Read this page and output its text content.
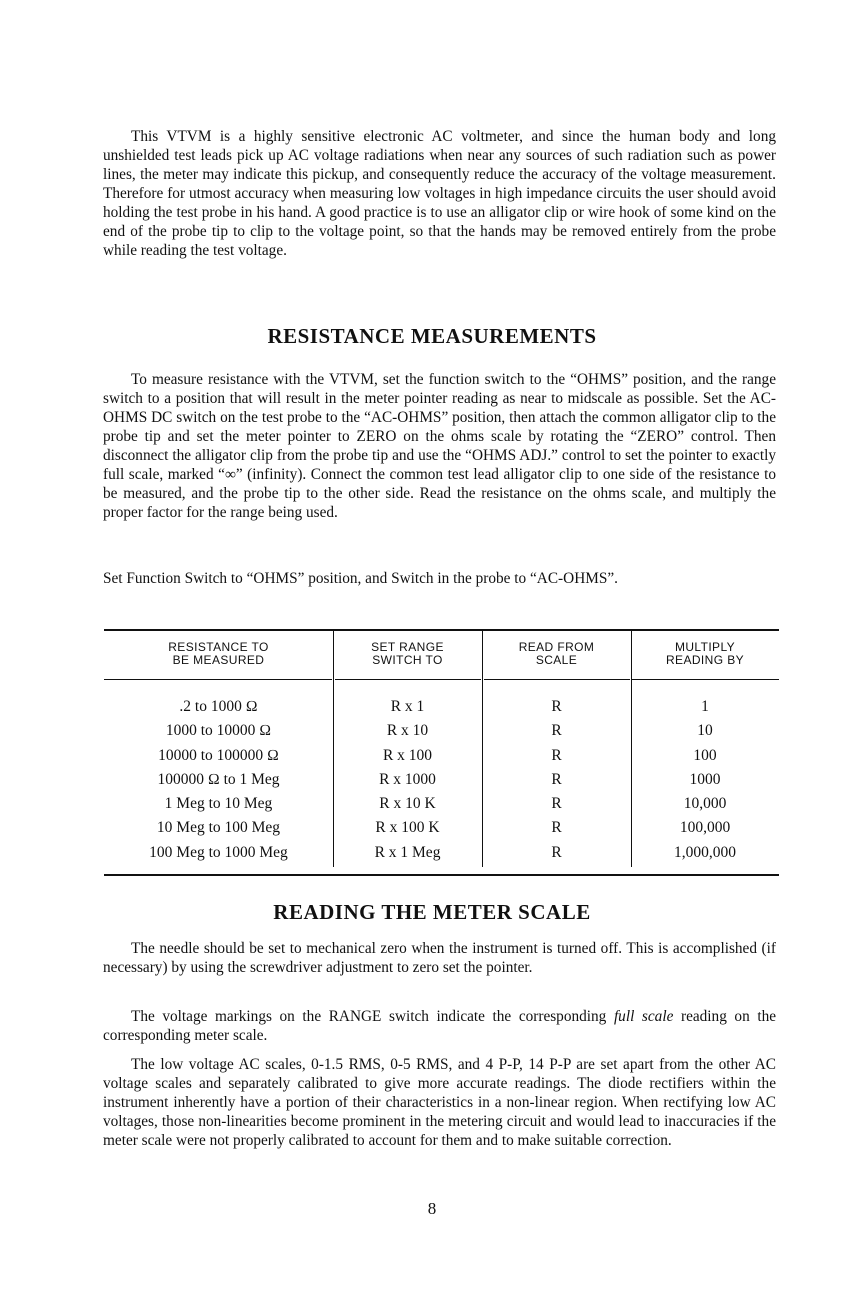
This VTVM is a highly sensitive electronic AC voltmeter, and since the human body and long unshielded test leads pick up AC voltage radiations when near any sources of such radiation such as power lines, the meter may indicate this pickup, and consequently reduce the accuracy of the voltage measurement. Therefore for utmost accuracy when measuring low voltages in high impedance circuits the user should avoid holding the test probe in his hand. A good practice is to use an alligator clip or wire hook of some kind on the end of the probe tip to clip to the voltage point, so that the hands may be removed entirely from the probe while reading the test voltage.

RESISTANCE MEASUREMENTS

To measure resistance with the VTVM, set the function switch to the “OHMS” position, and the range switch to a position that will result in the meter pointer reading as near to midscale as possible. Set the AC-OHMS DC switch on the test probe to the “AC-OHMS” position, then attach the common alligator clip to the probe tip and set the meter pointer to ZERO on the ohms scale by rotating the “ZERO” control. Then disconnect the alligator clip from the probe tip and use the “OHMS ADJ.” control to set the pointer to exactly full scale, marked “∞” (infinity). Connect the common test lead alligator clip to one side of the resistance to be measured, and the probe tip to the other side. Read the resistance on the ohms scale, and multiply the proper factor for the range being used.

Set Function Switch to “OHMS” position, and Switch in the probe to “AC-OHMS”.

RESISTANCE TO
BE MEASURED
SET RANGE
SWITCH TO
READ FROM
SCALE
MULTIPLY
READING BY
.2 to 1000 Ω
1000 to 10000 Ω
10000 to 100000 Ω
100000 Ω to 1 Meg
1 Meg to 10 Meg
10 Meg to 100 Meg
100 Meg to 1000 Meg
R x 1
R x 10
R x 100
R x 1000
R x 10 K
R x 100 K
R x 1 Meg
R
R
R
R
R
R
R
1
10
100
1000
10,000
100,000
1,000,000
READING THE METER SCALE

The needle should be set to mechanical zero when the instrument is turned off. This is accomplished (if necessary) by using the screwdriver adjustment to zero set the pointer.

The voltage markings on the RANGE switch indicate the corresponding full scale reading on the corresponding meter scale.

The low voltage AC scales, 0-1.5 RMS, 0-5 RMS, and 4 P-P, 14 P-P are set apart from the other AC voltage scales and separately calibrated to give more accurate readings. The diode rectifiers within the instrument inherently have a portion of their characteristics in a non-linear region. When rectifying low AC voltages, those non-linearities become prominent in the metering circuit and would lead to inaccuracies if the meter scale were not properly calibrated to account for them and to make suitable correction.

8
